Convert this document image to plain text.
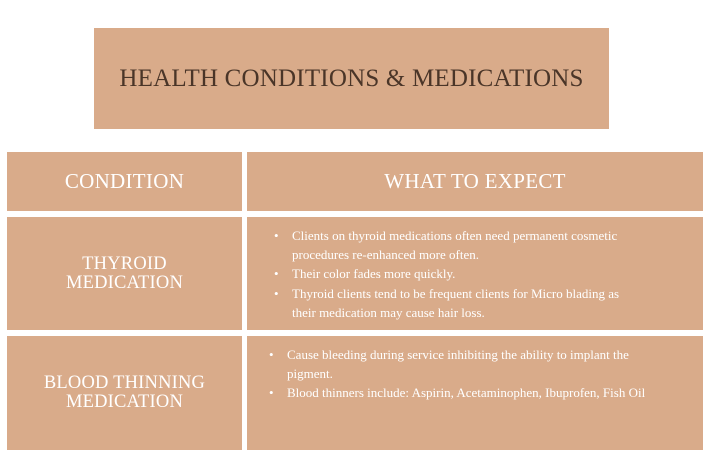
HEALTH CONDITIONS & MEDICATIONS
CONDITION	WHAT TO EXPECT
THYROID
MEDICATION
• Clients on thyroid medications often need permanent cosmetic procedures re-enhanced more often.
• Their color fades more quickly.
• Thyroid clients tend to be frequent clients for Micro blading as their medication may cause hair loss.
BLOOD THINNING
MEDICATION
• Cause bleeding during service inhibiting the ability to implant the pigment.
• Blood thinners include: Aspirin, Acetaminophen, Ibuprofen, Fish Oil
